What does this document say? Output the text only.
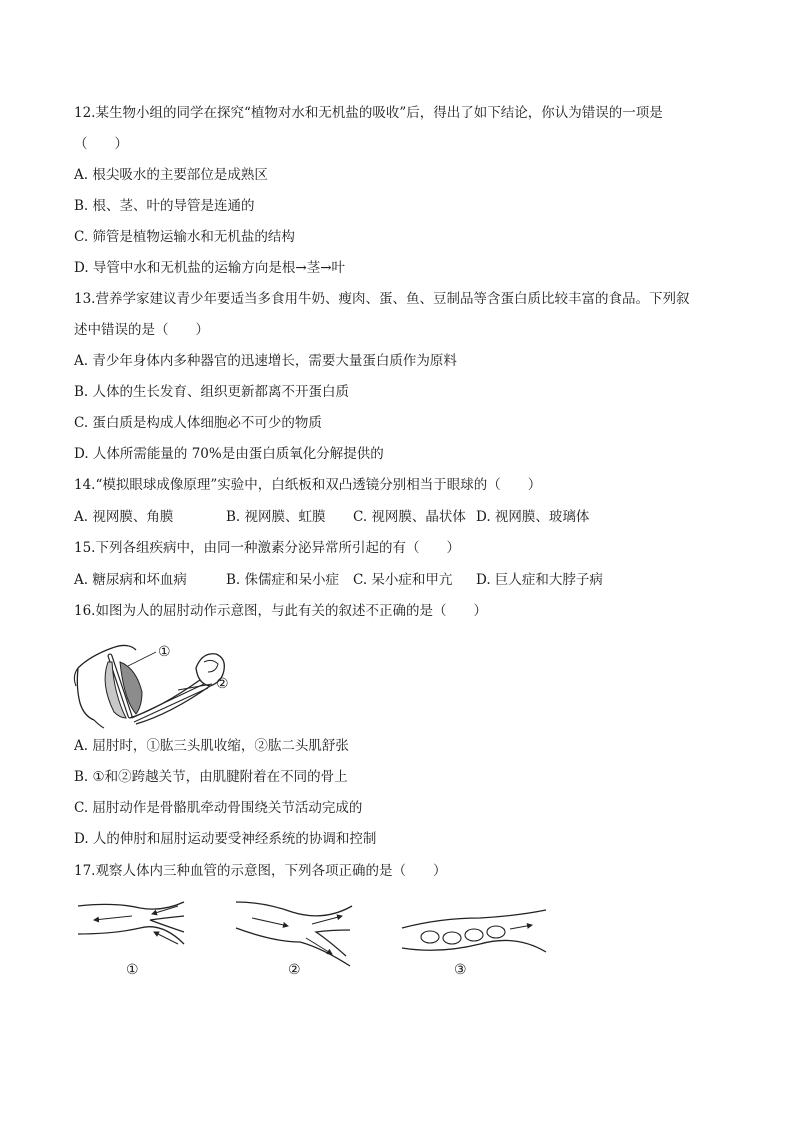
12.某生物小组的同学在探究“植物对水和无机盐的吸收”后，得出了如下结论，你认为错误的一项是
（　　）
A. 根尖吸水的主要部位是成熟区
B. 根、茎、叶的导管是连通的
C. 筛管是植物运输水和无机盐的结构
D. 导管中水和无机盐的运输方向是根→茎→叶
13.营养学家建议青少年要适当多食用牛奶、瘦肉、蛋、鱼、豆制品等含蛋白质比较丰富的食品。下列叙
述中错误的是（　　）
A. 青少年身体内多种器官的迅速增长，需要大量蛋白质作为原料
B. 人体的生长发育、组织更新都离不开蛋白质
C. 蛋白质是构成人体细胞必不可少的物质
D. 人体所需能量的 70%是由蛋白质氧化分解提供的
14.“模拟眼球成像原理”实验中，白纸板和双凸透镜分别相当于眼球的（　　）
A. 视网膜、角膜	B. 视网膜、虹膜 C. 视网膜、晶状体 D. 视网膜、玻璃体
15.下列各组疾病中，由同一种激素分泌异常所引起的有（　　）
A. 糖尿病和坏血病	B. 侏儒症和呆小症 C. 呆小症和甲亢 D. 巨人症和大脖子病
16.如图为人的屈肘动作示意图，与此有关的叙述不正确的是（　　）
①
②
A. 屈肘时，①肱三头肌收缩，②肱二头肌舒张
B. ①和②跨越关节，由肌腱附着在不同的骨上
C. 屈肘动作是骨骼肌牵动骨围绕关节活动完成的
D. 人的伸肘和屈肘运动要受神经系统的协调和控制
17.观察人体内三种血管的示意图，下列各项正确的是（　　）
①	②	③
